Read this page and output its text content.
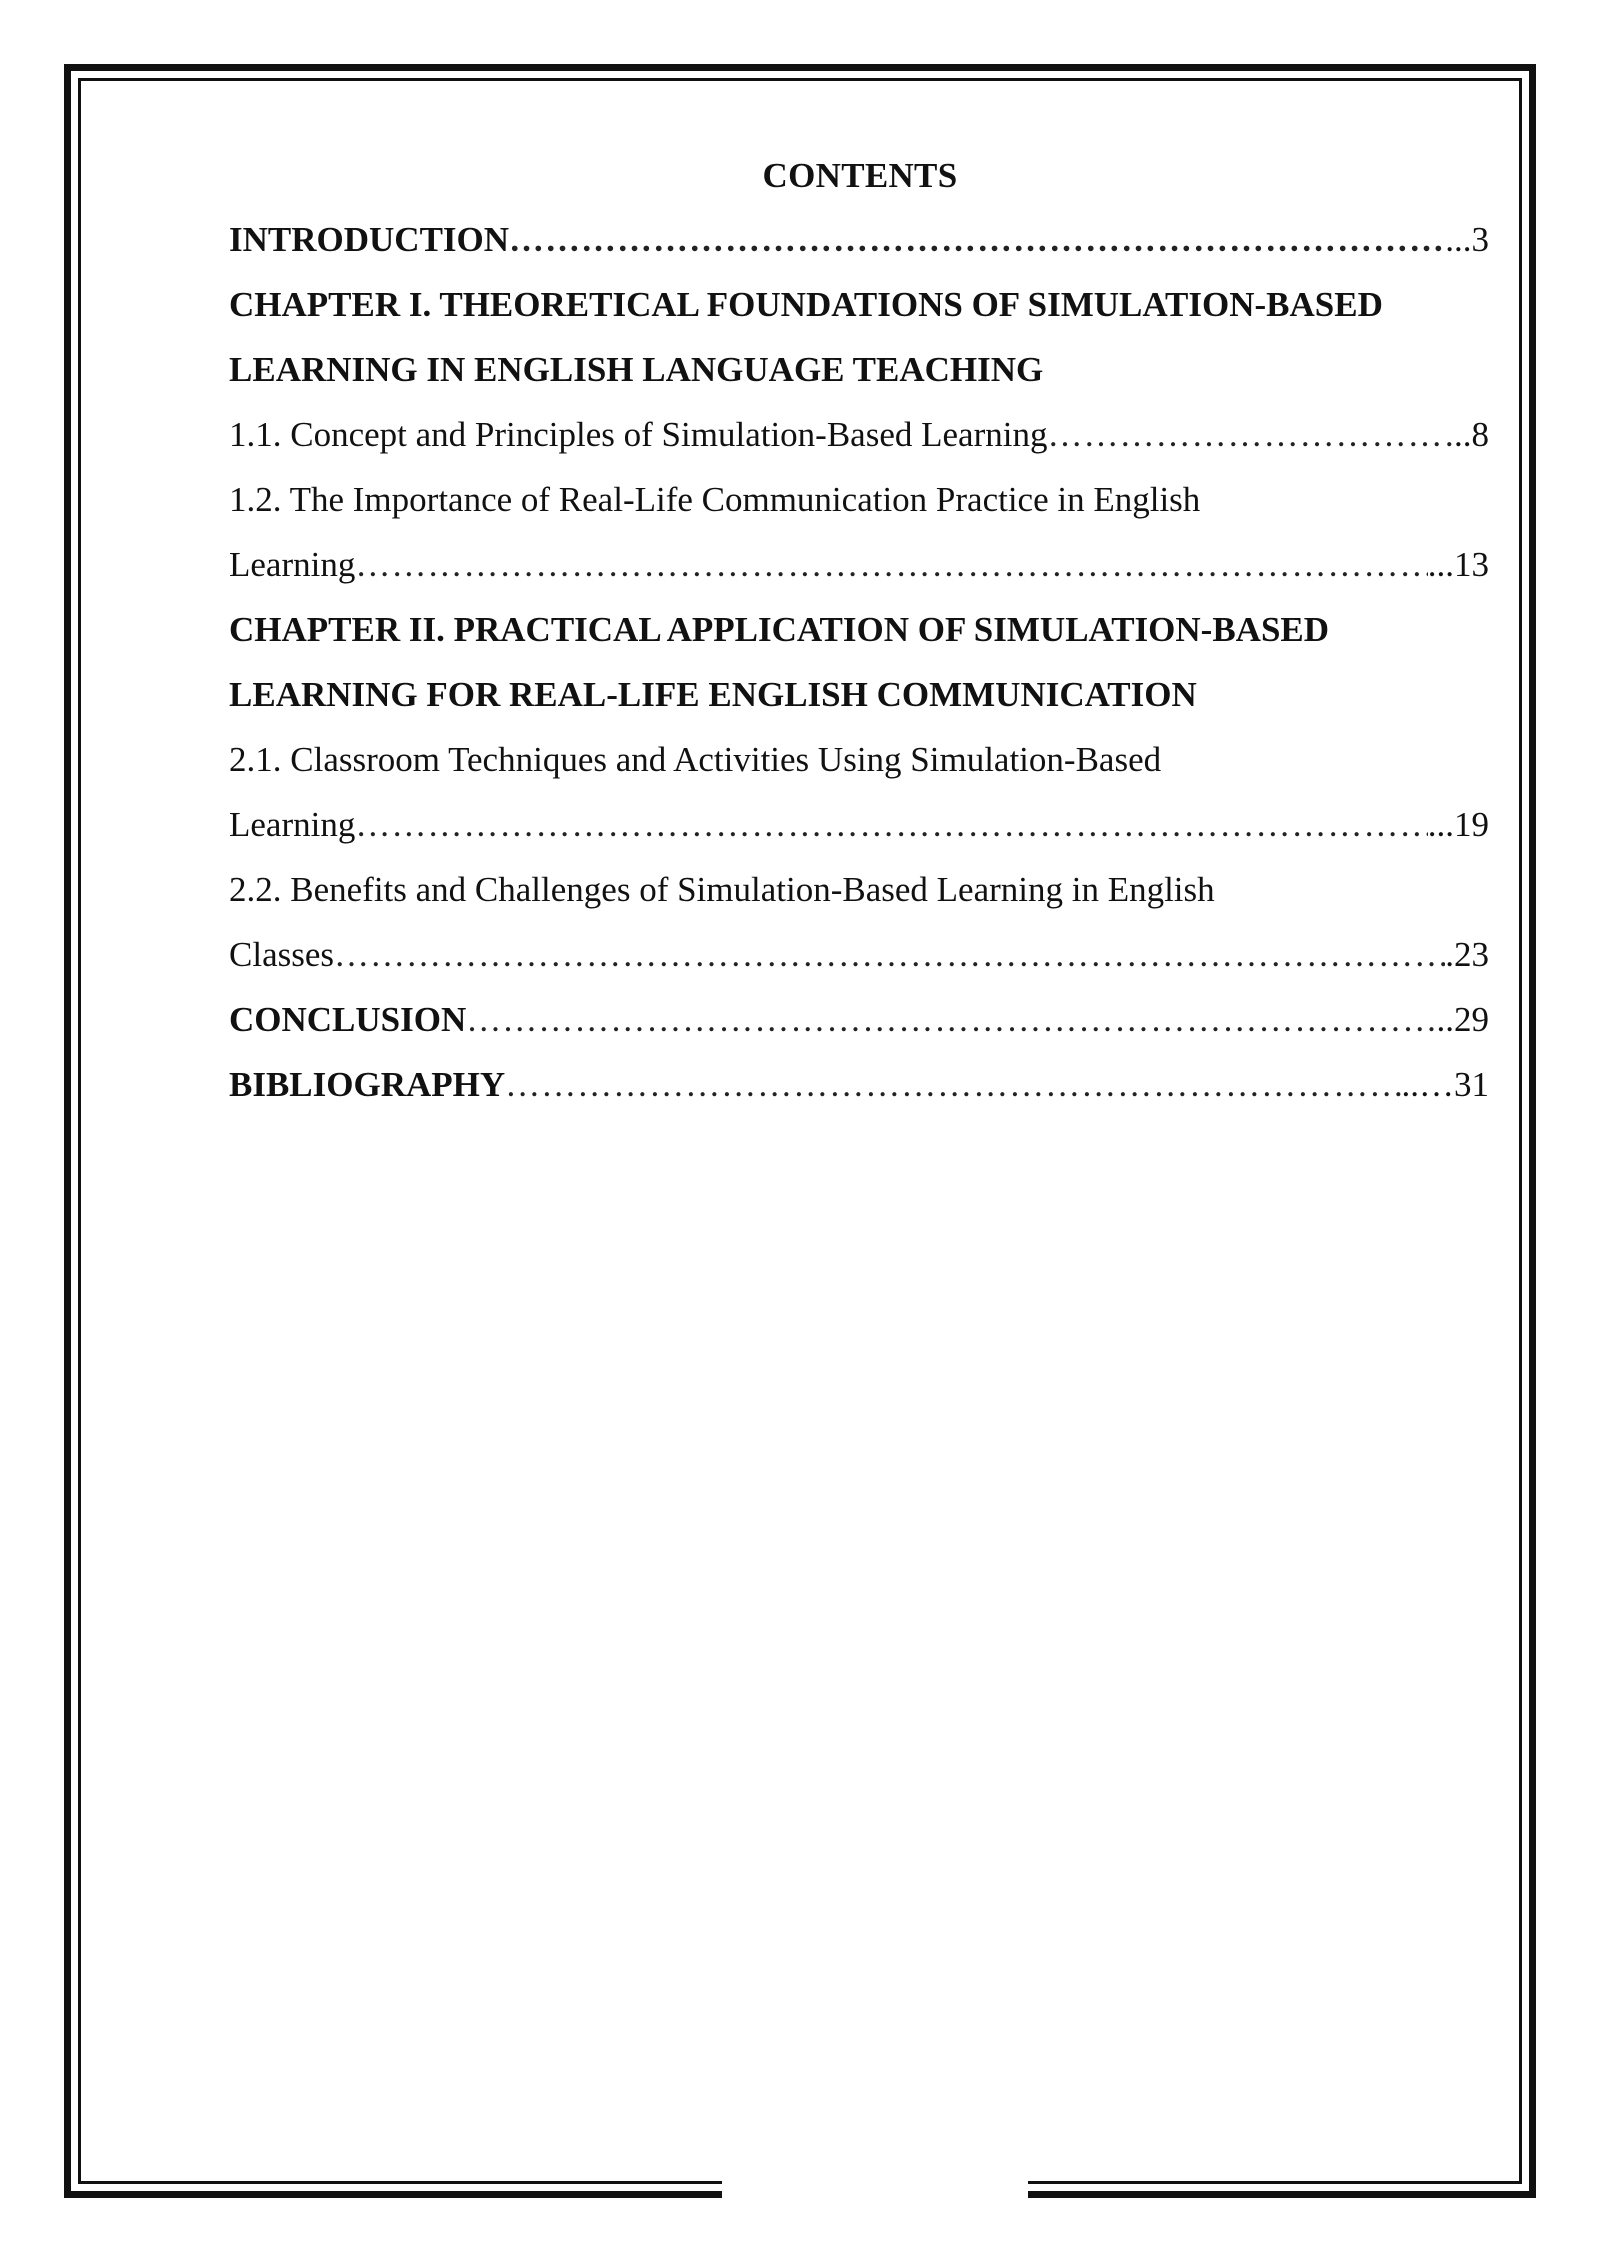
CONTENTS
INTRODUCTION ……………………………………………………………………………………………………………………………………………………………………	...3
CHAPTER I. THEORETICAL FOUNDATIONS OF SIMULATION-BASED
LEARNING IN ENGLISH LANGUAGE TEACHING
1.1. Concept and Principles of Simulation-Based Learning ……………………………………………………………………………………………………………………………………………………………………	..8
1.2. The Importance of Real-Life Communication Practice in English
Learning ……………………………………………………………………………………………………………………………………………………………………	...13
CHAPTER II. PRACTICAL APPLICATION OF SIMULATION-BASED
LEARNING FOR REAL-LIFE ENGLISH COMMUNICATION
2.1. Classroom Techniques and Activities Using Simulation-Based
Learning ……………………………………………………………………………………………………………………………………………………………………	...19
2.2. Benefits and Challenges of Simulation-Based Learning in English
Classes ……………………………………………………………………………………………………………………………………………………………………	.23
CONCLUSION ……………………………………………………………………………………………………………………………………………………………………	..29
BIBLIOGRAPHY ……………………………………………………………………………………………………………………………………………………………………	..…31
